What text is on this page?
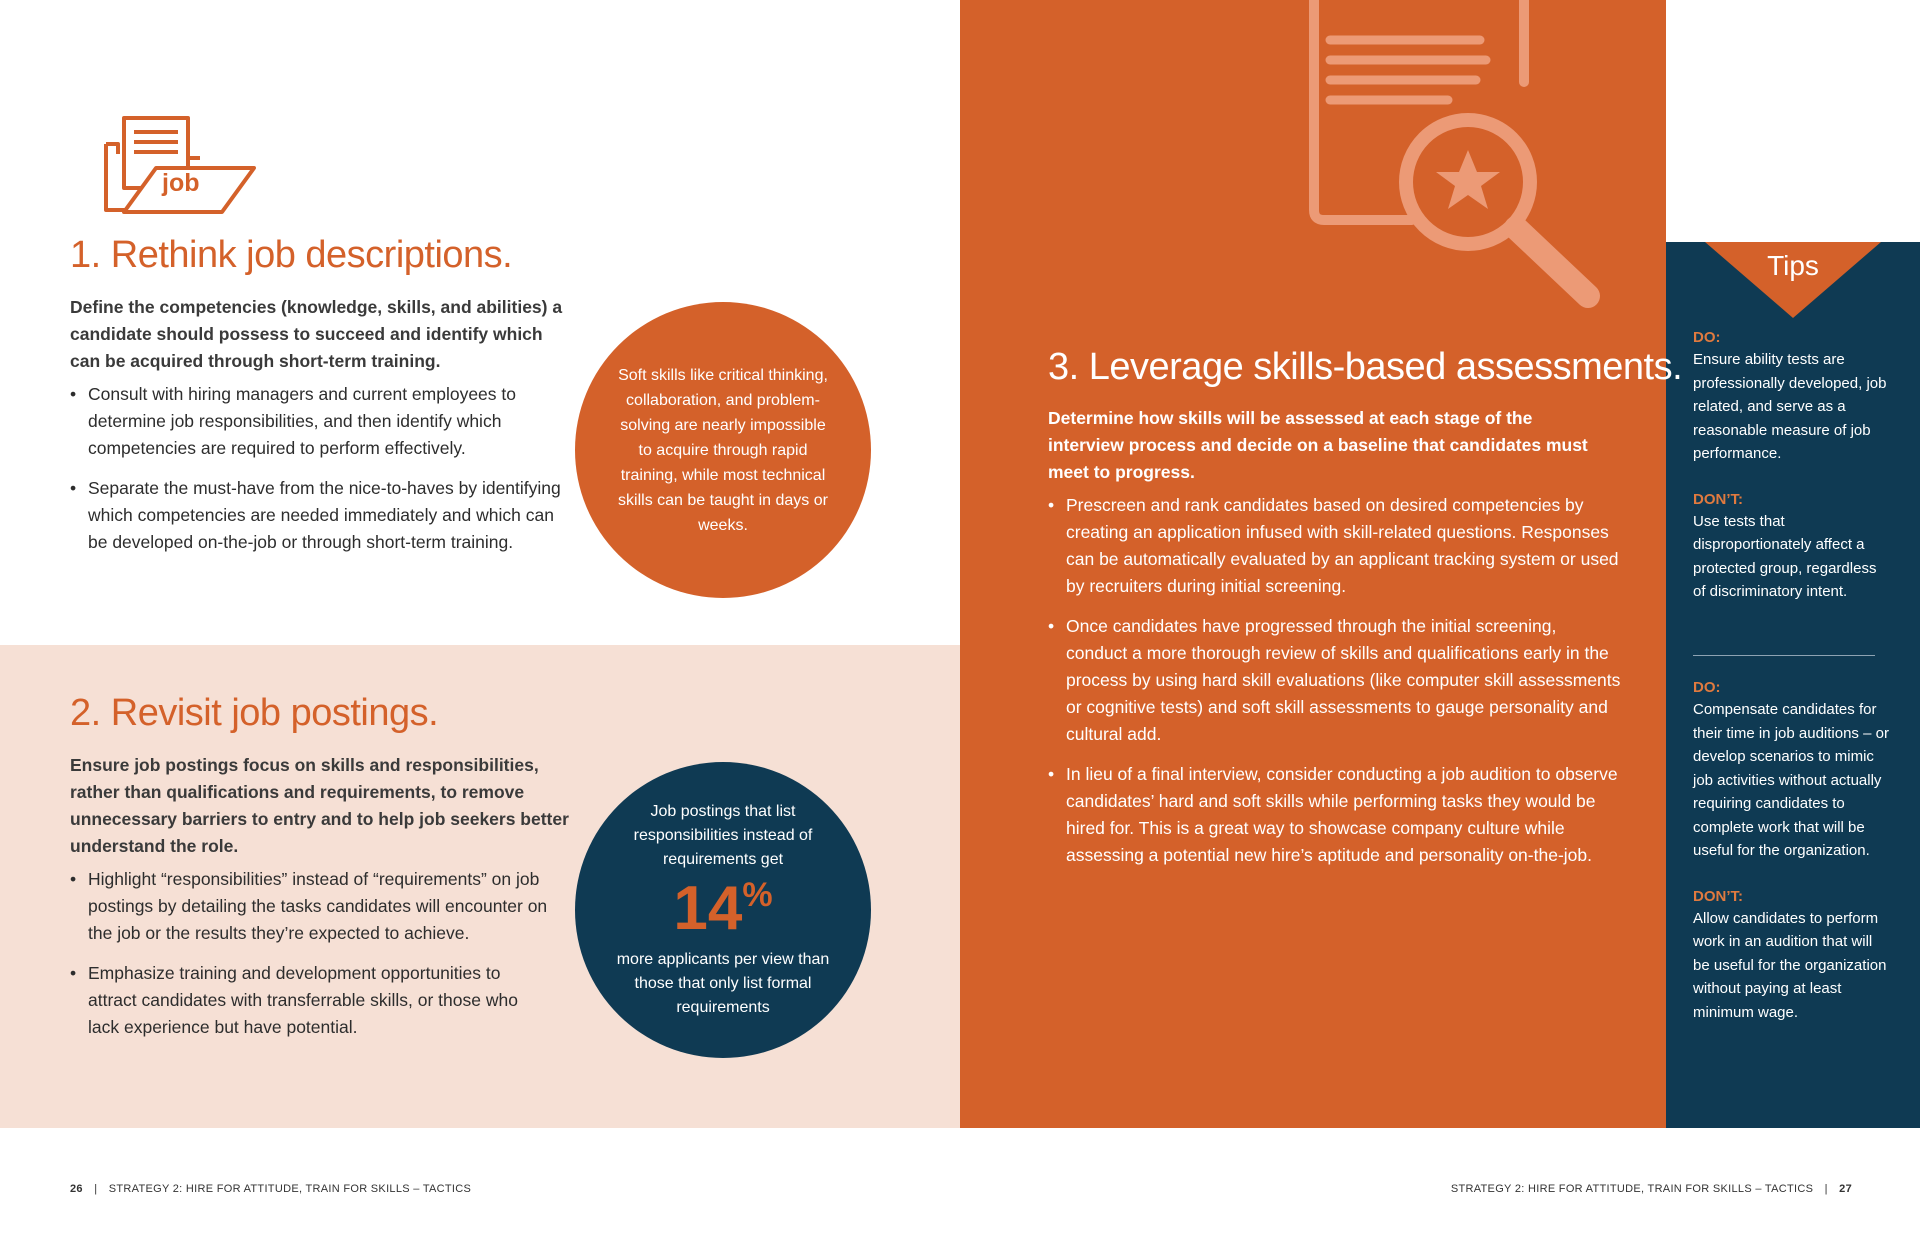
job
1. Rethink job descriptions.

Define the competencies (knowledge, skills, and abilities) a candidate should possess to succeed and identify which can be acquired through short-term training.

• Consult with hiring managers and current employees to determine job responsibilities, and then identify which competencies are required to perform effectively.
• Separate the must-have from the nice-to-haves by identifying which competencies are needed immediately and which can be developed on-the-job or through short-term training.
Soft skills like critical thinking, collaboration, and problem-solving are nearly impossible to acquire through rapid training, while most technical skills can be taught in days or weeks.
2. Revisit job postings.

Ensure job postings focus on skills and responsibilities, rather than qualifications and requirements, to remove unnecessary barriers to entry and to help job seekers better understand the role.

• Highlight “responsibilities” instead of “requirements” on job postings by detailing the tasks candidates will encounter on the job or the results they’re expected to achieve.
• Emphasize training and development opportunities to attract candidates with transferrable skills, or those who lack experience but have potential.
Job postings that list responsibilities instead of requirements get
14%
more applicants per view than those that only list formal requirements
3. Leverage skills-based assessments.

Determine how skills will be assessed at each stage of the interview process and decide on a baseline that candidates must meet to progress.

• Prescreen and rank candidates based on desired competencies by creating an application infused with skill-related questions. Responses can be automatically evaluated by an applicant tracking system or used by recruiters during initial screening.
• Once candidates have progressed through the initial screening, conduct a more thorough review of skills and qualifications early in the process by using hard skill evaluations (like computer skill assessments or cognitive tests) and soft skill assessments to gauge personality and cultural add.
• In lieu of a final interview, consider conducting a job audition to observe candidates’ hard and soft skills while performing tasks they would be hired for. This is a great way to showcase company culture while assessing a potential new hire’s aptitude and personality on-the-job.
Tips

DO:

Ensure ability tests are professionally developed, job related, and serve as a reasonable measure of job performance.

DON’T:

Use tests that disproportionately affect a protected group, regardless of discriminatory intent.

DO:

Compensate candidates for their time in job auditions – or develop scenarios to mimic job activities without actually requiring candidates to complete work that will be useful for the organization.

DON’T:

Allow candidates to perform work in an audition that will be useful for the organization without paying at least minimum wage.

26 | STRATEGY 2: HIRE FOR ATTITUDE, TRAIN FOR SKILLS – TACTICS	STRATEGY 2: HIRE FOR ATTITUDE, TRAIN FOR SKILLS – TACTICS | 27
